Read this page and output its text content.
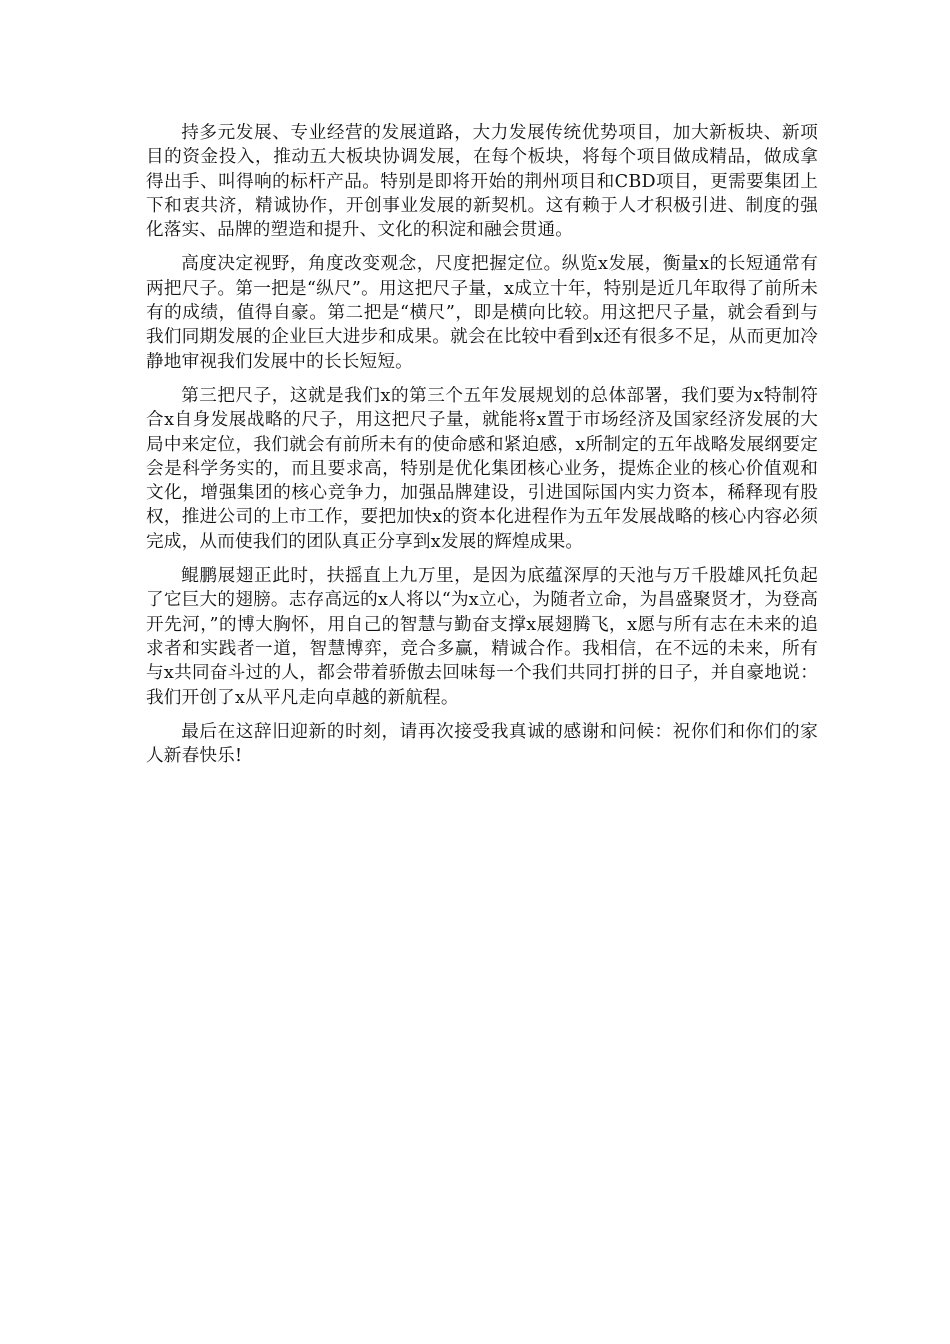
持多元发展、专业经营的发展道路，大力发展传统优势项目，加大新板块、新项目的资金投入，推动五大板块协调发展，在每个板块，将每个项目做成精品，做成拿得出手、叫得响的标杆产品。特别是即将开始的荆州项目和CBD项目，更需要集团上下和衷共济，精诚协作，开创事业发展的新契机。这有赖于人才积极引进、制度的强化落实、品牌的塑造和提升、文化的积淀和融会贯通。

高度决定视野，角度改变观念，尺度把握定位。纵览x发展，衡量x的长短通常有两把尺子。第一把是“纵尺”。用这把尺子量，x成立十年，特别是近几年取得了前所未有的成绩，值得自豪。第二把是“横尺”，即是横向比较。用这把尺子量，就会看到与我们同期发展的企业巨大进步和成果。就会在比较中看到x还有很多不足，从而更加冷静地审视我们发展中的长长短短。

第三把尺子，这就是我们x的第三个五年发展规划的总体部署，我们要为x特制符合x自身发展战略的尺子，用这把尺子量，就能将x置于市场经济及国家经济发展的大局中来定位，我们就会有前所未有的使命感和紧迫感，x所制定的五年战略发展纲要定会是科学务实的，而且要求高，特别是优化集团核心业务，提炼企业的核心价值观和文化，增强集团的核心竞争力，加强品牌建设，引进国际国内实力资本，稀释现有股权，推进公司的上市工作，要把加快x的资本化进程作为五年发展战略的核心内容必须完成，从而使我们的团队真正分享到x发展的辉煌成果。

鲲鹏展翅正此时，扶摇直上九万里，是因为底蕴深厚的天池与万千股雄风托负起了它巨大的翅膀。志存高远的x人将以“为x立心，为随者立命，为昌盛聚贤才，为登高开先河，”的博大胸怀，用自己的智慧与勤奋支撑x展翅腾飞，x愿与所有志在未来的追求者和实践者一道，智慧博弈，竞合多赢，精诚合作。我相信，在不远的未来，所有与x共同奋斗过的人，都会带着骄傲去回味每一个我们共同打拼的日子，并自豪地说：我们开创了x从平凡走向卓越的新航程。

最后在这辞旧迎新的时刻，请再次接受我真诚的感谢和问候：祝你们和你们的家人新春快乐!
